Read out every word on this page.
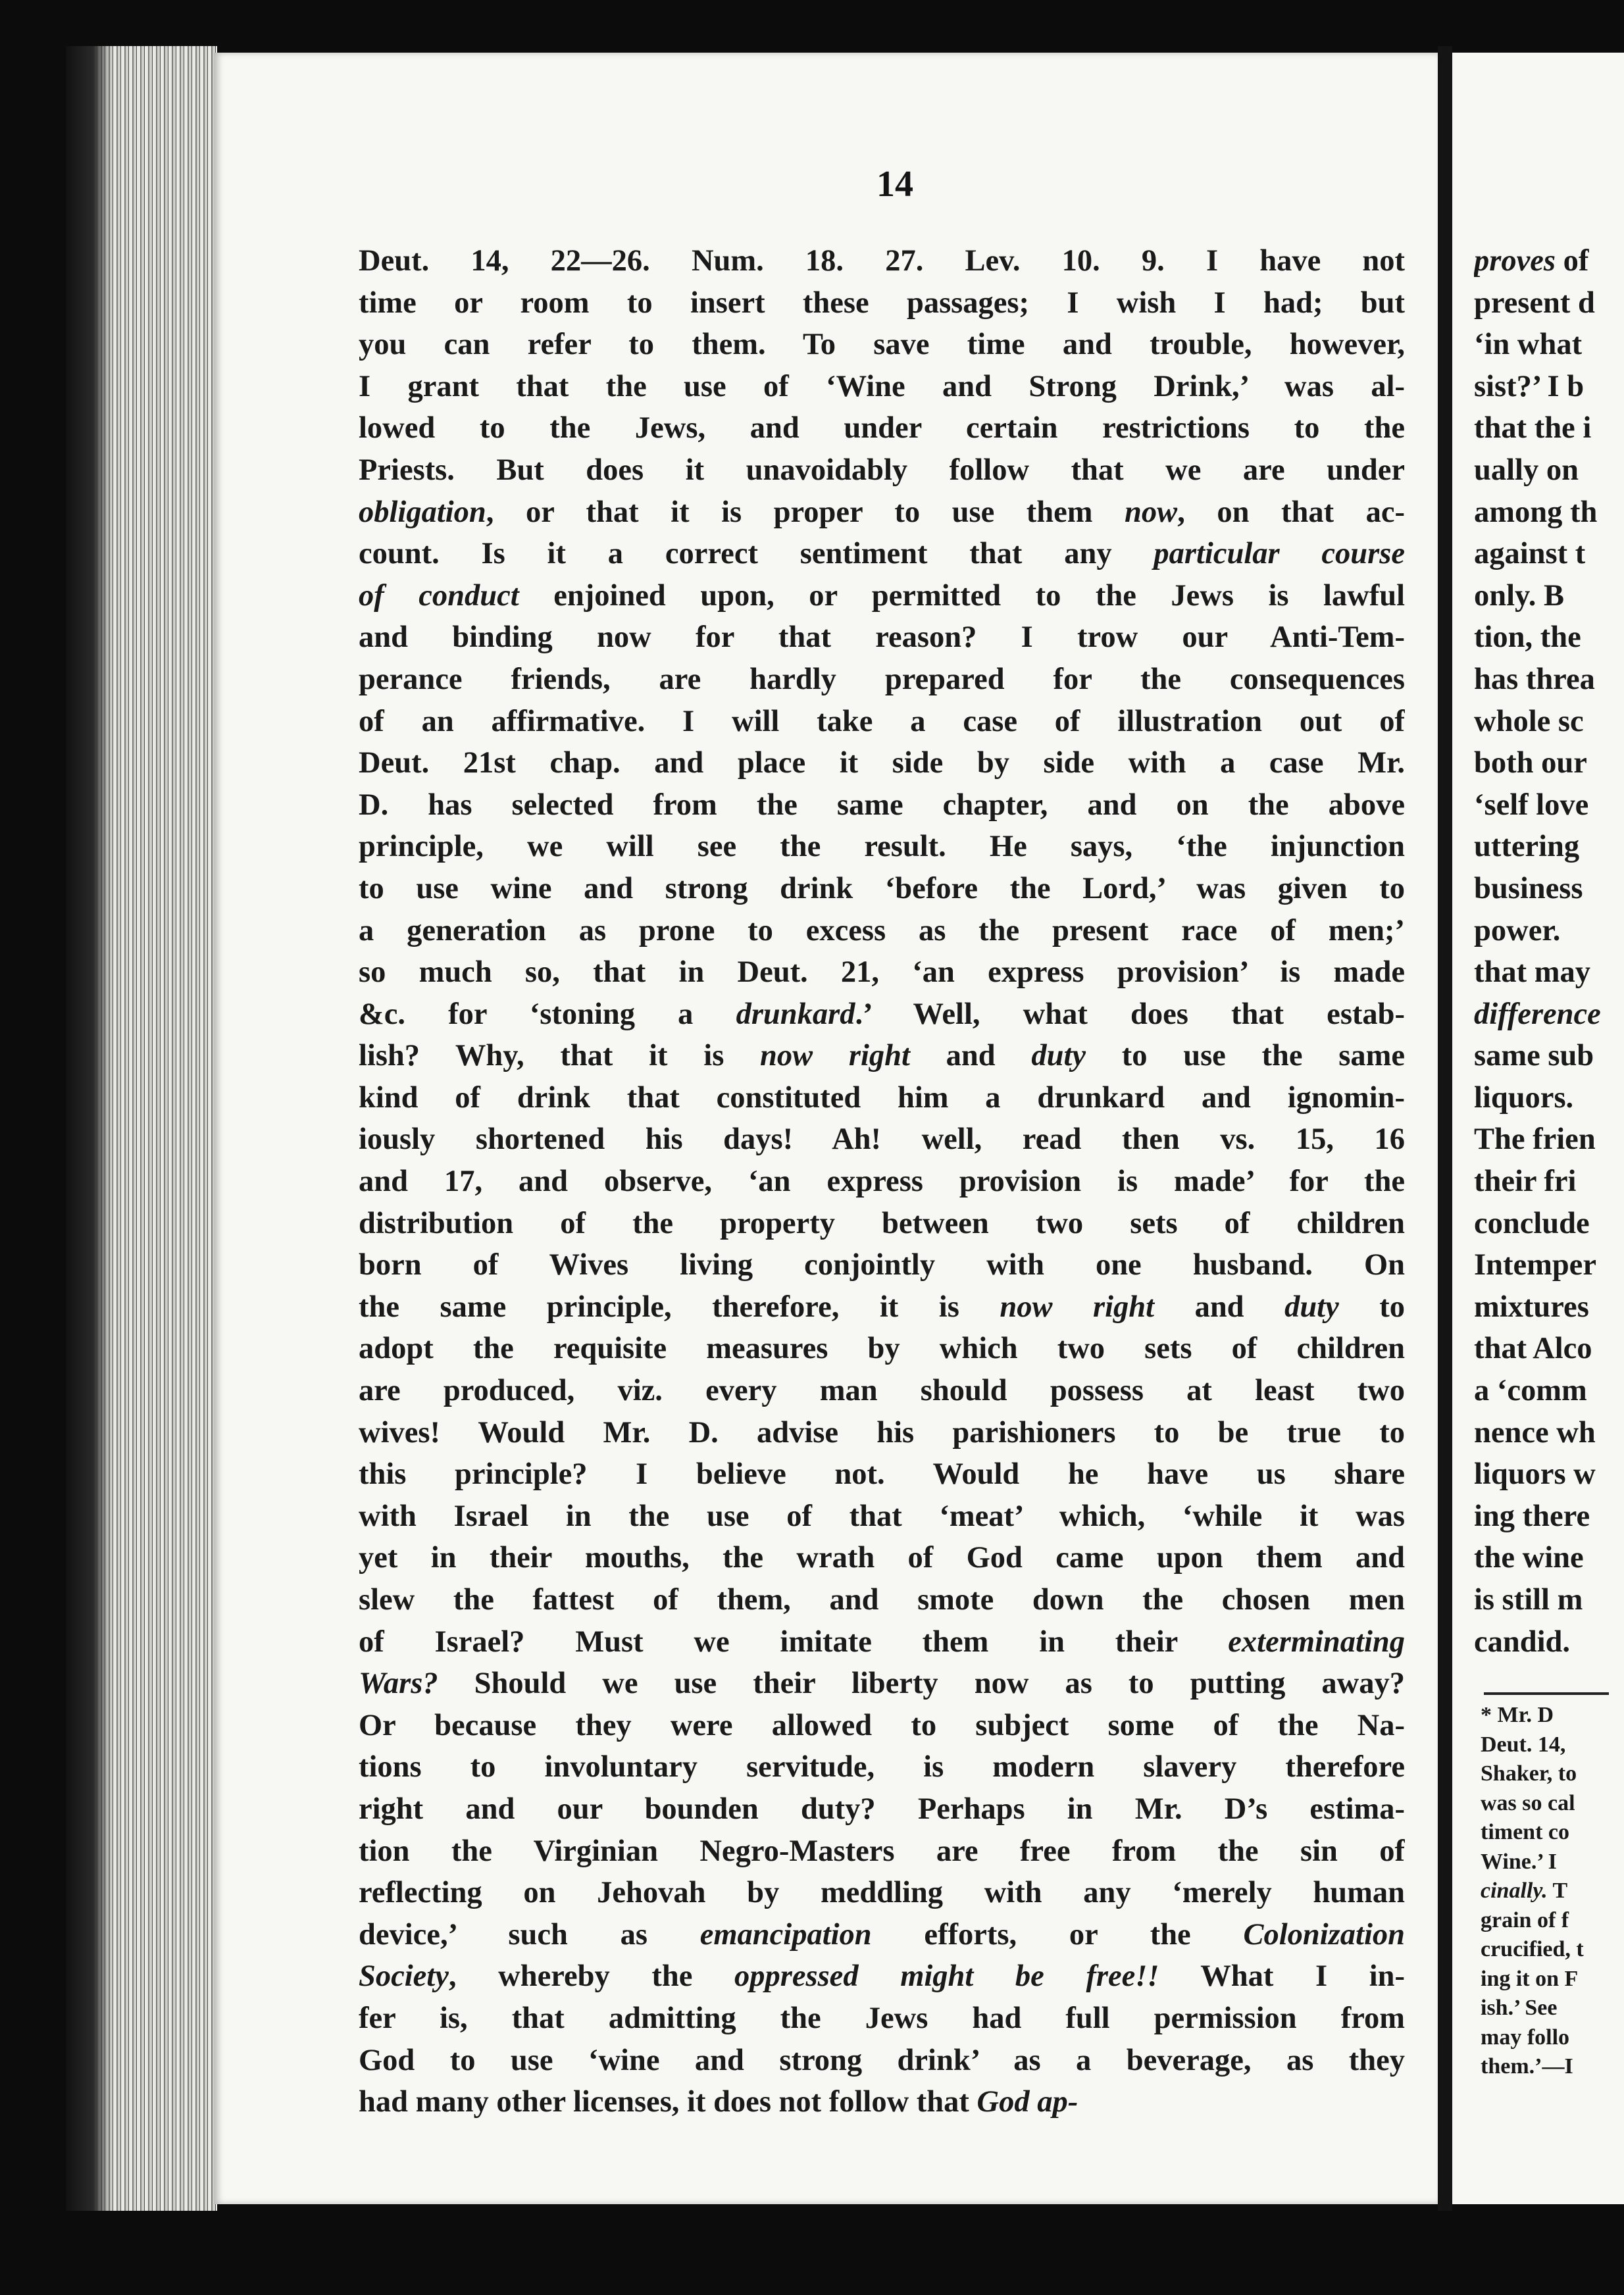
14
Deut. 14, 22—26. Num. 18. 27. Lev. 10. 9. I have not
time or room to insert these passages; I wish I had; but
you can refer to them. To save time and trouble, however,
I grant that the use of ‘Wine and Strong Drink,’ was al-
lowed to the Jews, and under certain restrictions to the
Priests. But does it unavoidably follow that we are under
obligation, or that it is proper to use them now, on that ac-
count. Is it a correct sentiment that any particular course
of conduct enjoined upon, or permitted to the Jews is lawful
and binding now for that reason? I trow our Anti-Tem-
perance friends, are hardly prepared for the consequences
of an affirmative. I will take a case of illustration out of
Deut. 21st chap. and place it side by side with a case Mr.
D. has selected from the same chapter, and on the above
principle, we will see the result. He says, ‘the injunction
to use wine and strong drink ‘before the Lord,’ was given to
a generation as prone to excess as the present race of men;’
so much so, that in Deut. 21, ‘an express provision’ is made
&c. for ‘stoning a drunkard.’ Well, what does that estab-
lish? Why, that it is now right and duty to use the same
kind of drink that constituted him a drunkard and ignomin-
iously shortened his days! Ah! well, read then vs. 15, 16
and 17, and observe, ‘an express provision is made’ for the
distribution of the property between two sets of children
born of Wives living conjointly with one husband. On
the same principle, therefore, it is now right and duty to
adopt the requisite measures by which two sets of children
are produced, viz. every man should possess at least two
wives! Would Mr. D. advise his parishioners to be true to
this principle? I believe not. Would he have us share
with Israel in the use of that ‘meat’ which, ‘while it was
yet in their mouths, the wrath of God came upon them and
slew the fattest of them, and smote down the chosen men
of Israel? Must we imitate them in their exterminating
Wars? Should we use their liberty now as to putting away?
Or because they were allowed to subject some of the Na-
tions to involuntary servitude, is modern slavery therefore
right and our bounden duty? Perhaps in Mr. D’s estima-
tion the Virginian Negro-Masters are free from the sin of
reflecting on Jehovah by meddling with any ‘merely human
device,’ such as emancipation efforts, or the Colonization
Society, whereby the oppressed might be free!! What I in-
fer is, that admitting the Jews had full permission from
God to use ‘wine and strong drink’ as a beverage, as they
had many other licenses, it does not follow that God ap-
proves of
present d
‘in what
sist?’ I b
that the i
ually on
among th
against t
only. B
tion, the
has threa
whole sc
both our
‘self love
uttering
business
power.
that may
difference
same sub
liquors.
The frien
their fri
conclude
Intemper
mixtures
that Alco
a ‘comm
nence wh
liquors w
ing there
the wine
is still m
candid.
* Mr. D
Deut. 14,
Shaker, to
was so cal
timent co
Wine.’ I
cinally. T
grain of f
crucified, t
ing it on F
ish.’ See
may follo
them.’—I
